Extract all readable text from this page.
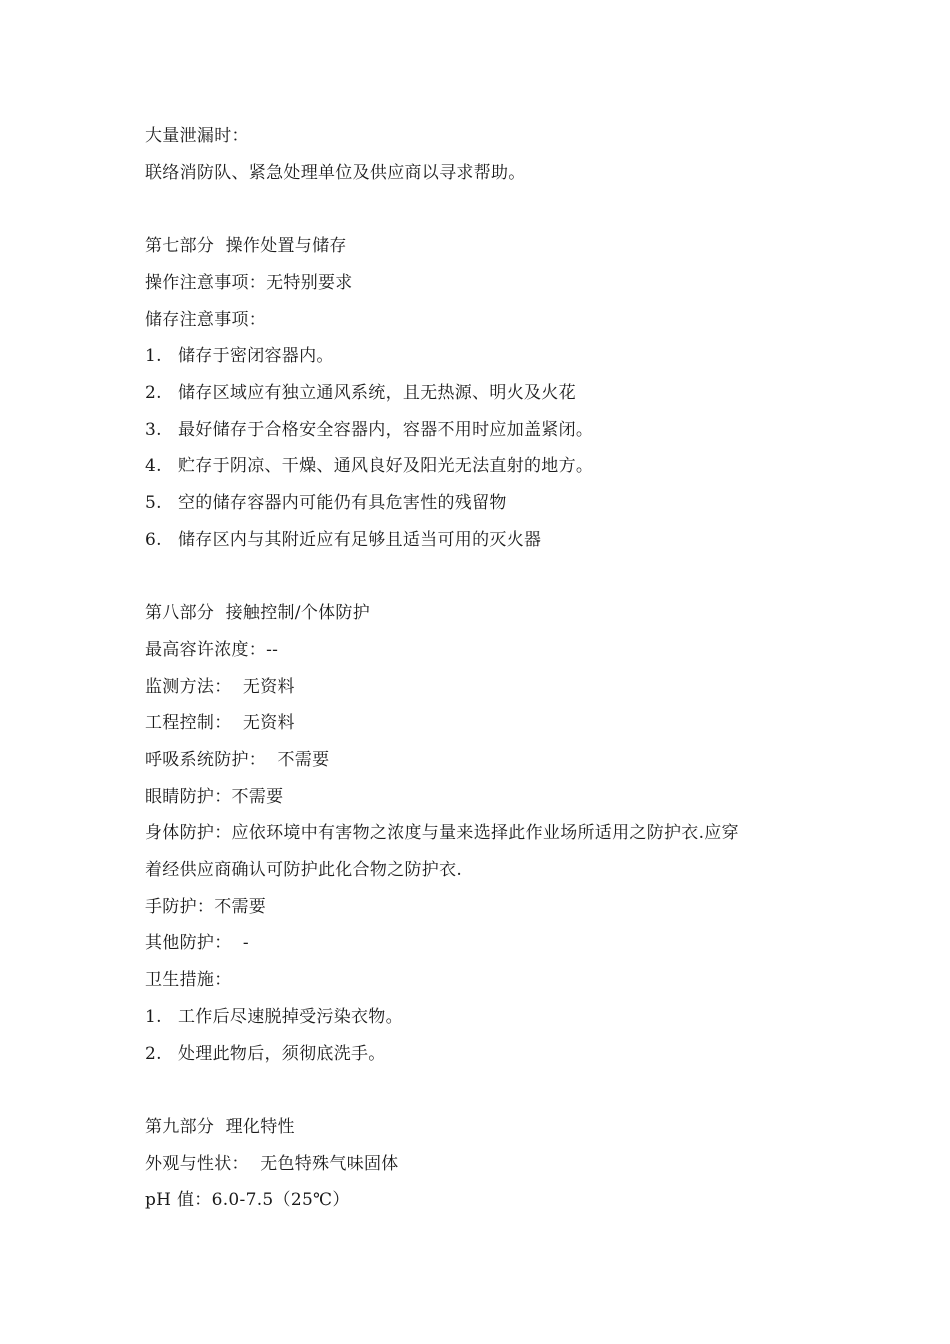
大量泄漏时：
联络消防队、紧急处理单位及供应商以寻求帮助。
第七部分  操作处置与储存
操作注意事项：无特别要求
储存注意事项：
1. 储存于密闭容器内。
2. 储存区域应有独立通风系统，且无热源、明火及火花
3. 最好储存于合格安全容器内，容器不用时应加盖紧闭。
4. 贮存于阴凉、干燥、通风良好及阳光无法直射的地方。
5. 空的储存容器内可能仍有具危害性的残留物
6. 储存区内与其附近应有足够且适当可用的灭火器
第八部分  接触控制/个体防护
最高容许浓度：--
监测方法：  无资料
工程控制：  无资料
呼吸系统防护：  不需要
眼睛防护：不需要
身体防护：应依环境中有害物之浓度与量来选择此作业场所适用之防护衣.应穿
着经供应商确认可防护此化合物之防护衣.
手防护：不需要
其他防护：  -
卫生措施：
1. 工作后尽速脱掉受污染衣物。
2. 处理此物后，须彻底洗手。
第九部分  理化特性
外观与性状：  无色特殊气味固体
pH 值：6.0-7.5（25℃）
